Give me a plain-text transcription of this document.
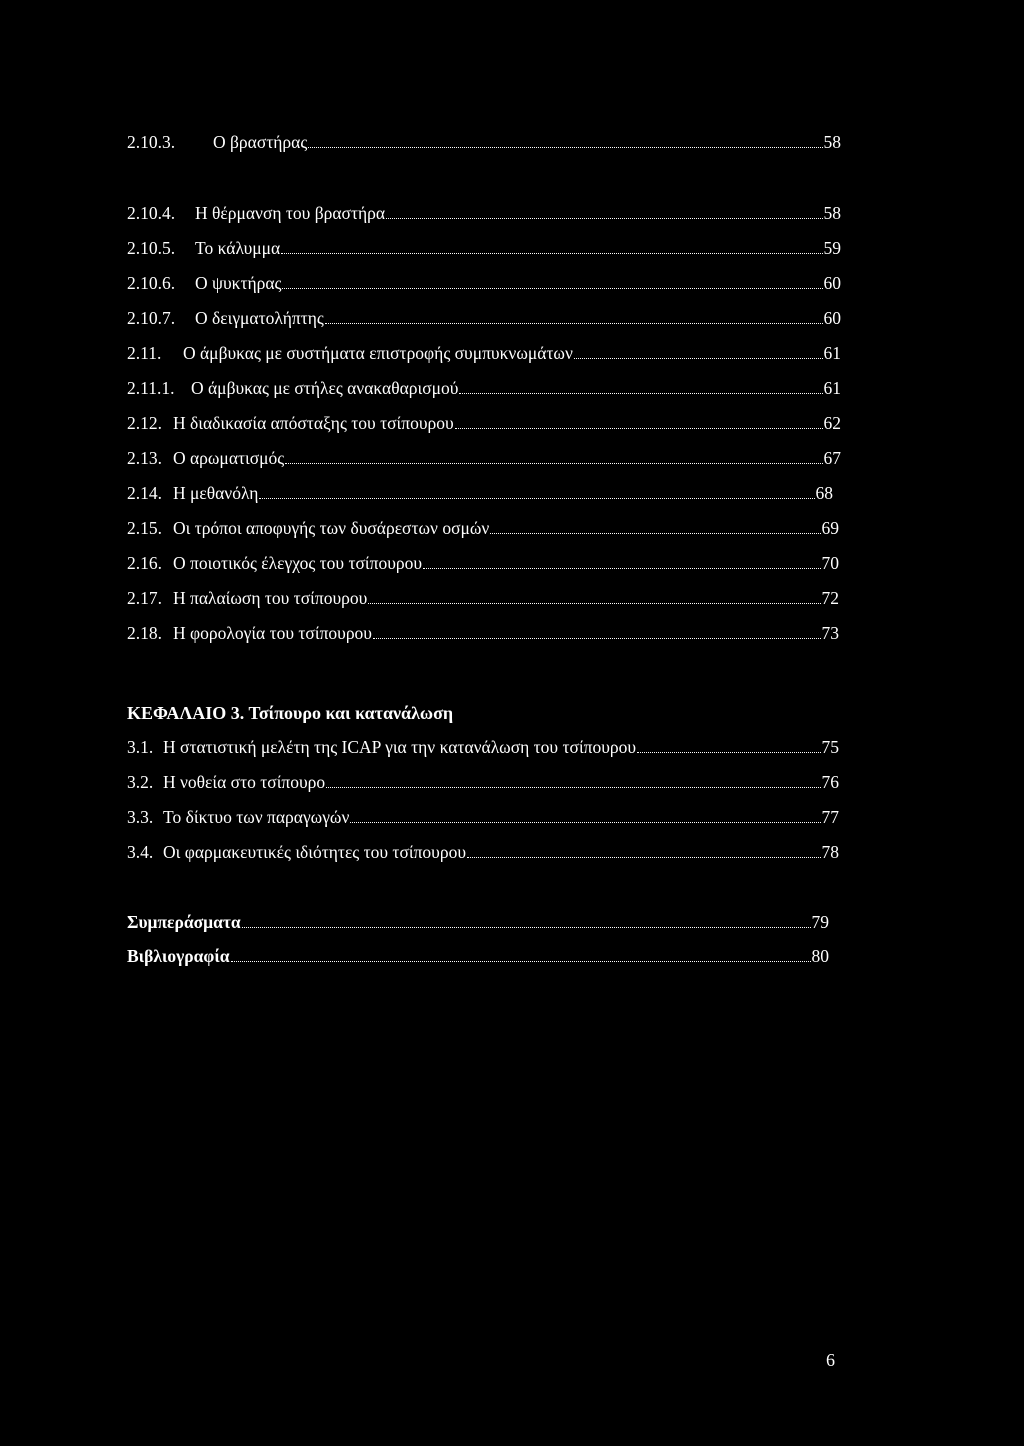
2.10.3.	Ο βραστήρας	58
2.10.4.	Η θέρμανση του βραστήρα	58
2.10.5.	Το κάλυμμα	59
2.10.6.	Ο ψυκτήρας	60
2.10.7.	Ο δειγματολήπτης	60
2.11.	Ο άμβυκας με συστήματα επιστροφής συμπυκνωμάτων	61
2.11.1. Ο άμβυκας με στήλες ανακαθαρισμού	61
2.12. Η διαδικασία απόσταξης του τσίπουρου	62
2.13. Ο αρωματισμός	67
2.14. Η μεθανόλη	68
2.15. Οι τρόποι αποφυγής των δυσάρεστων οσμών	69
2.16. Ο ποιοτικός έλεγχος του τσίπουρου	70
2.17. Η παλαίωση του τσίπουρου	72
2.18. Η φορολογία του τσίπουρου	73
ΚΕΦΑΛΑΙΟ 3. Τσίπουρο και κατανάλωση
3.1. Η στατιστική μελέτη της ICAP για την κατανάλωση του τσίπουρου	75
3.2. Η νοθεία στο τσίπουρο	76
3.3. Το δίκτυο των παραγωγών	77
3.4. Οι φαρμακευτικές ιδιότητες του τσίπουρου	78
Συμπεράσματα	79
Βιβλιογραφία	80
6
